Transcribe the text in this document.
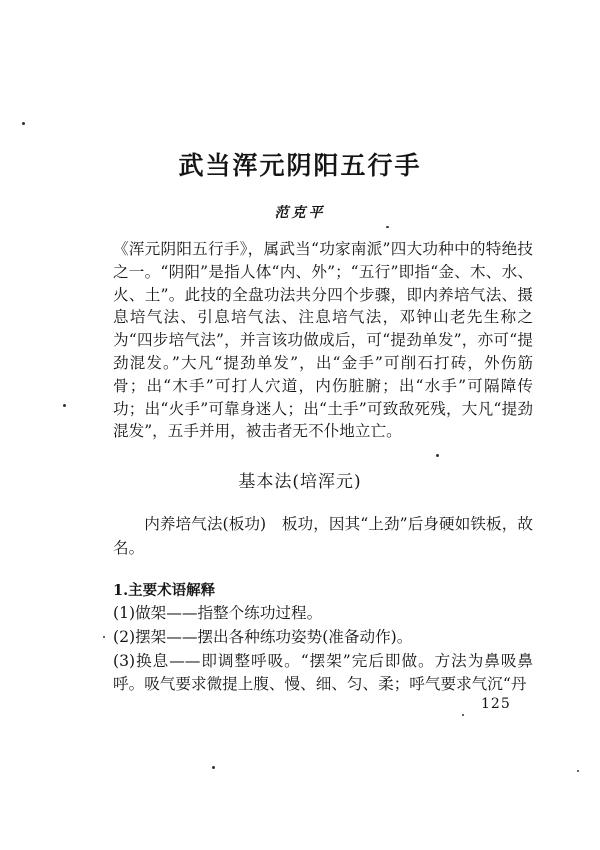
武当浑元阴阳五行手
范克平

《浑元阴阳五行手》，属武当“功家南派”四大功种中的特绝技之一。“阴阳”是指人体“内、外”；“五行”即指“金、木、水、火、土”。此技的全盘功法共分四个步骤，即内养培气法、摄息培气法、引息培气法、注息培气法，邓钟山老先生称之为“四步培气法”，并言该功做成后，可“提劲单发”，亦可“提劲混发。”大凡“提劲单发”，出“金手”可削石打砖，外伤筋骨；出“木手”可打人穴道，内伤脏腑；出“水手”可隔障传功；出“火手”可靠身迷人；出“土手”可致敌死残，大凡“提劲混发”，五手并用，被击者无不仆地立亡。

基本法(培浑元)
内养培气法(板功)　板功，因其“上劲”后身硬如铁板，故名。
1.主要术语解释
(1)做架——指整个练功过程。
(2)摆架——摆出各种练功姿势(准备动作)。
(3)换息——即调整呼吸。“摆架”完后即做。方法为鼻吸鼻呼。吸气要求微提上腹、慢、细、匀、柔；呼气要求气沉“丹
125
